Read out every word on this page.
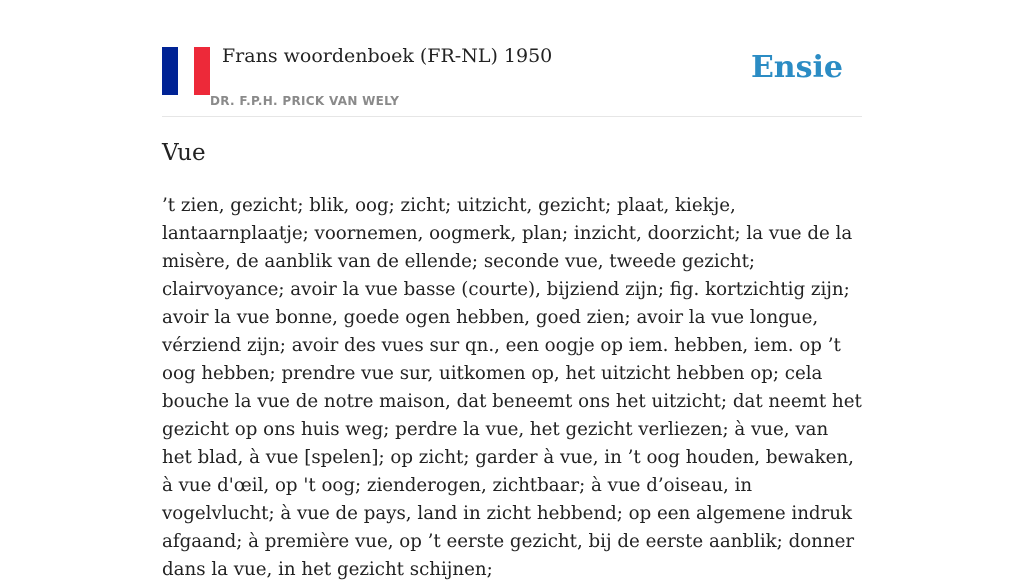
Frans woordenboek (FR-NL) 1950
DR. F.P.H. PRICK VAN WELY
Ensie
Vue

’t zien, gezicht; blik, oog; zicht; uitzicht, gezicht; plaat, kiekje, lantaarnplaatje; voornemen, oogmerk, plan; inzicht, doorzicht; la vue de la misère, de aanblik van de ellende; seconde vue, tweede gezicht; clairvoyance; avoir la vue basse (courte), bijziend zijn; fig. kortzichtig zijn; avoir la vue bonne, goede ogen hebben, goed zien; avoir la vue longue, vérziend zijn; avoir des vues sur qn., een oogje op iem. hebben, iem. op ’t oog hebben; prendre vue sur, uitkomen op, het uitzicht hebben op; cela bouche la vue de notre maison, dat beneemt ons het uitzicht; dat neemt het gezicht op ons huis weg; perdre la vue, het gezicht verliezen; à vue, van het blad, à vue [spelen]; op zicht; garder à vue, in ’t oog houden, bewaken, à vue d'œil, op 't oog; zienderogen, zichtbaar; à vue d’oiseau, in vogelvlucht; à vue de pays, land in zicht hebbend; op een algemene indruk afgaand; à première vue, op ’t eerste gezicht, bij de eerste aanblik; donner dans la vue, in het gezicht schijnen;
